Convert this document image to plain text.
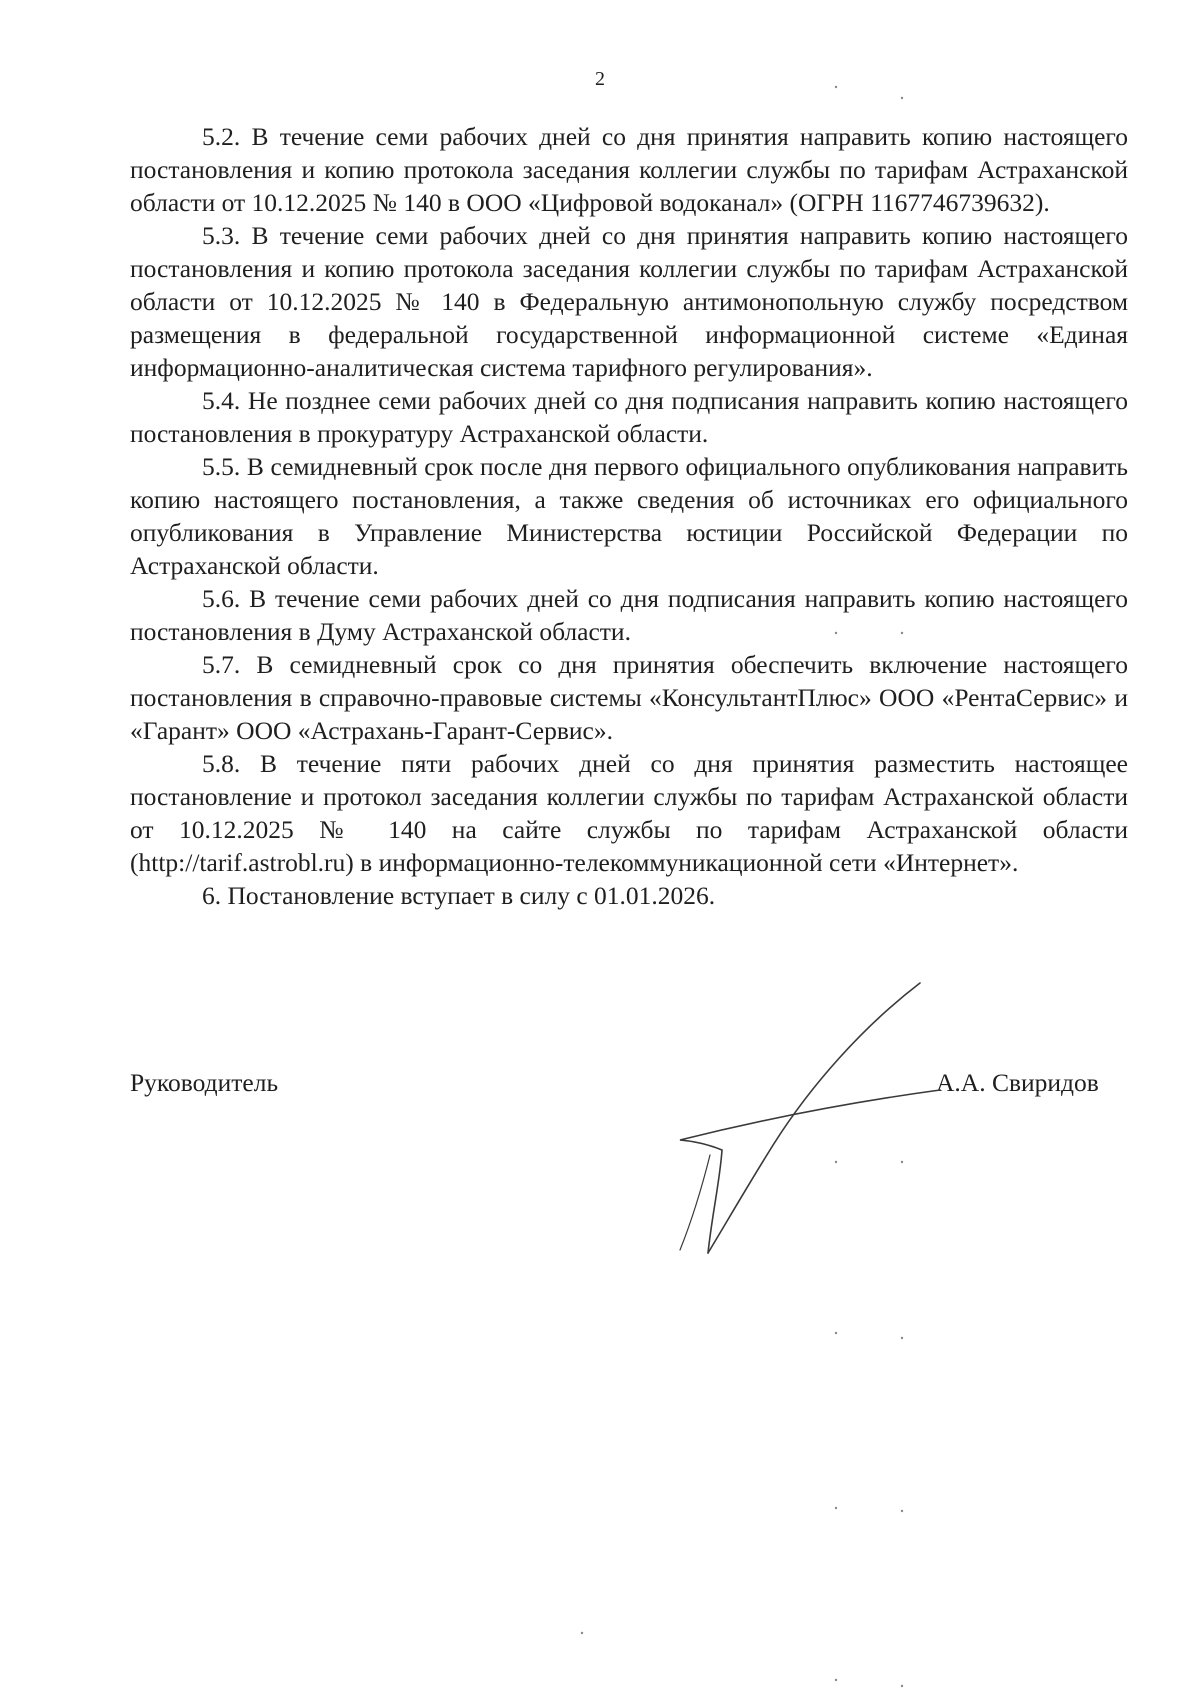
2

5.2. В течение семи рабочих дней со дня принятия направить копию настоящего постановления и копию протокола заседания коллегии службы по тарифам Астраханской области от 10.12.2025 № 140 в ООО «Цифровой водоканал» (ОГРН 1167746739632).

5.3. В течение семи рабочих дней со дня принятия направить копию настоящего постановления и копию протокола заседания коллегии службы по тарифам Астраханской области от 10.12.2025 № 140 в Федеральную антимонопольную службу посредством размещения в федеральной государственной информационной системе «Единая информационно-аналитическая система тарифного регулирования».

5.4. Не позднее семи рабочих дней со дня подписания направить копию настоящего постановления в прокуратуру Астраханской области.

5.5. В семидневный срок после дня первого официального опубликования направить копию настоящего постановления, а также сведения об источниках его официального опубликования в Управление Министерства юстиции Российской Федерации по Астраханской области.

5.6. В течение семи рабочих дней со дня подписания направить копию настоящего постановления в Думу Астраханской области.

5.7. В семидневный срок со дня принятия обеспечить включение настоящего постановления в справочно-правовые системы «КонсультантПлюс» ООО «РентаСервис» и «Гарант» ООО «Астрахань-Гарант-Сервис».

5.8. В течение пяти рабочих дней со дня принятия разместить настоящее постановление и протокол заседания коллегии службы по тарифам Астраханской области от 10.12.2025 № 140 на сайте службы по тарифам Астраханской области (http://tarif.astrobl.ru) в информационно-телекоммуникационной сети «Интернет».

6. Постановление вступает в силу с 01.01.2026.

Руководитель	А.А. Свиридов
